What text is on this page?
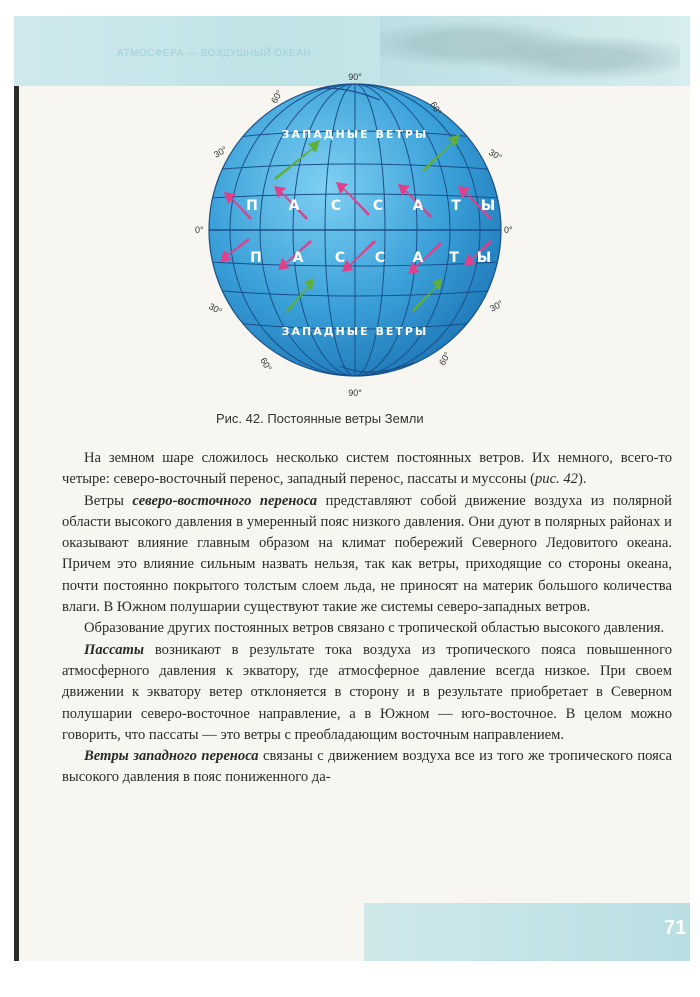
АТМОСФЕРА — ВОЗДУШНЫЙ ОКЕАН
ЗАПАДНЫЕ ВЕТРЫ
ЗАПАДНЫЕ ВЕТРЫ
П А С С А Т Ы
П А С С А Т Ы
90°
60°
60°
30°	30°
0°	0°
30°	30°
60°	60°
90°

Рис. 42. Постоянные ветры Земли

На земном шаре сложилось несколько систем постоянных ветров. Их немного, всего-то четыре: северо-восточный перенос, западный перенос, пассаты и муссоны (рис. 42).

Ветры северо-восточного переноса представляют собой движение воздуха из полярной области высокого давления в умеренный пояс низкого давления. Они дуют в полярных районах и оказывают влияние главным образом на климат побережий Северного Ледовитого океана. Причем это влияние сильным назвать нельзя, так как ветры, приходящие со стороны океана, почти постоянно покрытого толстым слоем льда, не приносят на материк большого количества влаги. В Южном полушарии существуют такие же системы северо-западных ветров.

Образование других постоянных ветров связано с тропической областью высокого давления.

Пассаты возникают в результате тока воздуха из тропического пояса повышенного атмосферного давления к экватору, где атмосферное давление всегда низкое. При своем движении к экватору ветер отклоняется в сторону и в результате приобретает в Северном полушарии северо-восточное направление, а в Южном — юго-восточное. В целом можно говорить, что пассаты — это ветры с преобладающим восточным направлением.

Ветры западного переноса связаны с движением воздуха все из того же тропического пояса высокого давления в пояс пониженного да-

71
